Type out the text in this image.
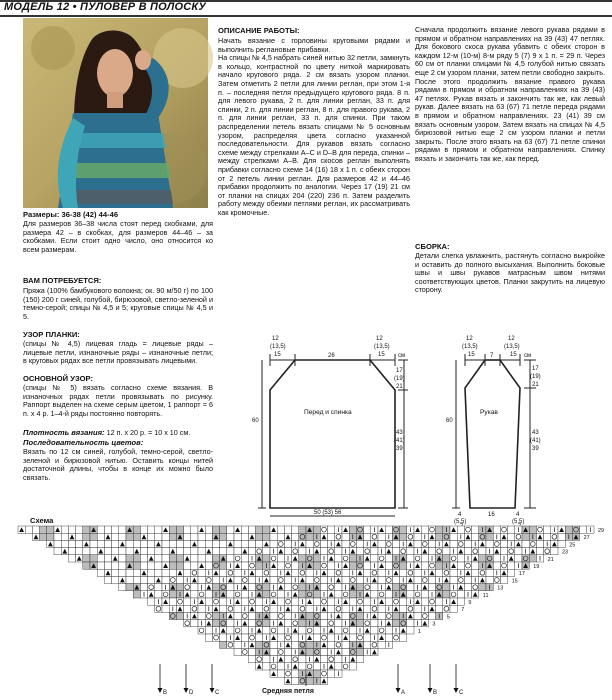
МОДЕЛЬ 12 • ПУЛОВЕР В ПОЛОСКУ
Размеры: 36-38 (42) 44-46
Для размеров 36–38 числа стоят перед скобками, для размера 42 – в скобках, для размеров 44–46 – за скобками. Если стоит одно число, оно относится ко всем размерам.
ВАМ ПОТРЕБУЕТСЯ:
Пряжа (100% бамбукового волокна; ок. 90 м/50 г) по 100 (150) 200 г синей, голубой, бирюзовой, светло-зеленой и темно-серой; спицы № 4,5 и 5; круговые спицы № 4,5 и 5.
УЗОР ПЛАНКИ:
(спицы № 4,5) лицевая гладь = лицевые ряды – лицевые петли, изнаночные ряды – изнаночные петли; в круговых рядах все петли провязывать лицевыми.
ОСНОВНОЙ УЗОР:
(спицы № 5) вязать согласно схеме вязания. В изнаночных рядах петли провязывать по рисунку. Раппорт выделен на схеме серым цветом, 1 раппорт = 6 п. х 4 р. 1–4-й ряды постоянно повторять.
Плотность вязания: 12 п. x 20 р. = 10 x 10 см.
Последовательность цветов:
Вязать по 12 см синей, голубой, темно-серой, светло-зеленой и бирюзовой нитью. Оставить концы нитей достаточной длины, чтобы в конце их можно было связать.
ОПИСАНИЕ РАБОТЫ:
Начать вязание с горловины круговыми рядами и выполнить реглановые прибавки.
На спицы № 4,5 набрать синей нитью 32 петли, замкнуть в кольцо, контрастной по цвету ниткой маркировать начало кругового ряда. 2 см вязать узором планки. Затем отметить 2 петли для линии реглан, при этом 1-я п. – последняя петля предыдущего кругового ряда. 8 п. для левого рукава, 2 п. для линии реглан, 33 п. для спинки, 2 п. для линии реглан, 8 п. для правого рукава, 2 п. для линии реглан, 33 п. для спинки. При таком распределении петель вязать спицами № 5 основным узором, распределяя цвета согласно указанной последовательности. Для рукавов вязать согласно схеме между стрелками А–С и D–B для переда, спинки – между стрелками А–В. Для скосов реглан выполнять прибавки согласно схеме 14 (16) 18 x 1 п. с обеих сторон от 2 петель линии реглан. Для размеров 42 и 44–46 прибавки продолжить по аналогии. Через 17 (19) 21 см от планки на спицах 204 (220) 236 п. Затем разделить работу между обеими петлями реглан, их рассматривать как кромочные.
Сначала продолжить вязание левого рукава рядами в прямом и обратном направлениях на 39 (43) 47 петлях. Для бокового скоса рукава убавить с обеих сторон в каждом 12-м (10-м) 8-м ряду 5 (7) 9 x 1 п. = 29 п. Через 60 см от планки спицами № 4,5 голубой нитью связать еще 2 см узором планки, затем петли свободно закрыть. После этого продолжить вязание правого рукава рядами в прямом и обратном направлениях на 39 (43) 47 петлях. Рукав вязать и закончить так же, как левый рукав. Далее вязать на 63 (67) 71 петле переда рядами в прямом и обратном направлениях. 23 (41) 39 см вязать основным узором. Затем вязать на спицах № 4,5 бирюзовой нитью еще 2 см узором планки и петли закрыть. После этого вязать на 63 (67) 71 петле спинки рядами в прямом и обратном направлениях. Спинку вязать и закончить так же, как перед.
СБОРКА:
Детали слегка увлажнить, растянуть согласно выкройке и оставить до полного высыхания. Выполнить боковые швы и швы рукавов матрасным швом нитями соответствующих цветов. Планки закрутить на лицевую сторону.
12
(13,5)
15	26
12
(13,5)
15 см
17
(19)
21
43
(41)
39
60
Перед и спинка
50 (53) 56
12
(13,5)
15	7
12
(13,5)
15 см
17
(19)
21
43
(41)
39
60
Рукав
4
(5,5)
16	4
(5,5)
Схема
29
27
25
23
21
19
17
15
13
11
9
7
5
3
1
B	D	C	A	B	C
Средняя петля
